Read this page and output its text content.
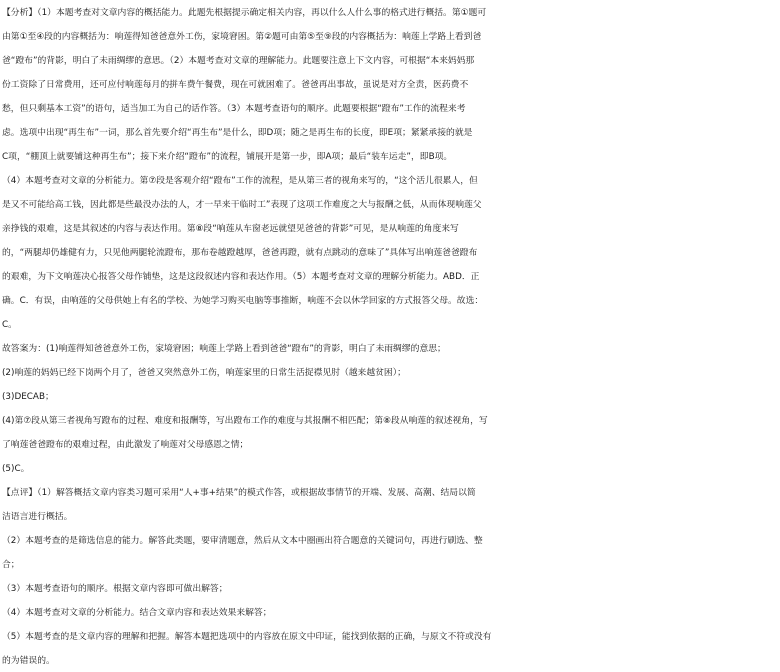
【分析】（1）本题考查对文章内容的概括能力。此题先根据提示确定相关内容，再以什么人什么事的格式进行概括。第①题可
由第①至④段的内容概括为：响莲得知爸爸意外工伤，家境窘困。第②题可由第⑤至⑨段的内容概括为：响莲上学路上看到爸
爸“蹬布”的背影，明白了未雨绸缪的意思。（2）本题考查对文章的理解能力。此题要注意上下文内容，可根据“本来妈妈那
份工资除了日常费用，还可应付响莲每月的拼车费午餐费，现在可就困难了。爸爸再出事故，虽说是对方全责，医药费不
愁，但只剩基本工资”的语句，适当加工为自己的话作答。（3）本题考查语句的顺序。此题要根据“蹬布”工作的流程来考
虑。选项中出现“再生布”一词，那么首先要介绍“再生布”是什么，即D项；随之是再生布的长度，即E项；紧紧承接的就是
C项，“棚顶上就要铺这种再生布”；接下来介绍“蹬布”的流程，铺展开是第一步，即A项；最后“装车运走”，即B项。
（4）本题考查对文章的分析能力。第⑦段是客观介绍“蹬布”工作的流程，是从第三者的视角来写的，“这个活儿很累人，但
是又不可能给高工钱，因此都是些最没办法的人，才一早来干临时工”表现了这项工作难度之大与报酬之低，从而体现响莲父
亲挣钱的艰难，这是其叙述的内容与表达作用。第⑧段“响莲从车窗老远就望见爸爸的背影”可见，是从响莲的角度来写
的，“两腿却仍雄健有力，只见他两腿轮流蹬布，那布卷越蹬越厚，爸爸再蹬，就有点跳动的意味了”具体写出响莲爸爸蹬布
的艰难，为下文响莲决心报答父母作铺垫，这是这段叙述内容和表达作用。（5）本题考查对文章的理解分析能力。ABD．正
确。C．有误，由响莲的父母供她上有名的学校、为她学习购买电脑等事推断，响莲不会以休学回家的方式报答父母。故选：
C。
故答案为：(1)响莲得知爸爸意外工伤，家境窘困；响莲上学路上看到爸爸“蹬布”的背影，明白了未雨绸缪的意思；
(2)响莲的妈妈已经下岗两个月了，爸爸又突然意外工伤，响莲家里的日常生活捉襟见肘（越来越贫困）；
(3)DECAB；
(4)第⑦段从第三者视角写蹬布的过程、难度和报酬等，写出蹬布工作的难度与其报酬不相匹配；第⑧段从响莲的叙述视角，写
了响莲爸爸蹬布的艰难过程，由此激发了响莲对父母感恩之情；
(5)C。
【点评】（1）解答概括文章内容类习题可采用“人+事+结果”的模式作答，或根据故事情节的开端、发展、高潮、结局以简
洁语言进行概括。
（2）本题考查的是筛选信息的能力。解答此类题，要审清题意，然后从文本中圈画出符合题意的关键词句，再进行刷选、整
合；
（3）本题考查语句的顺序。根据文章内容即可做出解答；
（4）本题考查对文章的分析能力。结合文章内容和表达效果来解答；
（5）本题考查的是文章内容的理解和把握。解答本题把选项中的内容放在原文中印证，能找到依据的正确，与原文不符或没有
的为错误的。
